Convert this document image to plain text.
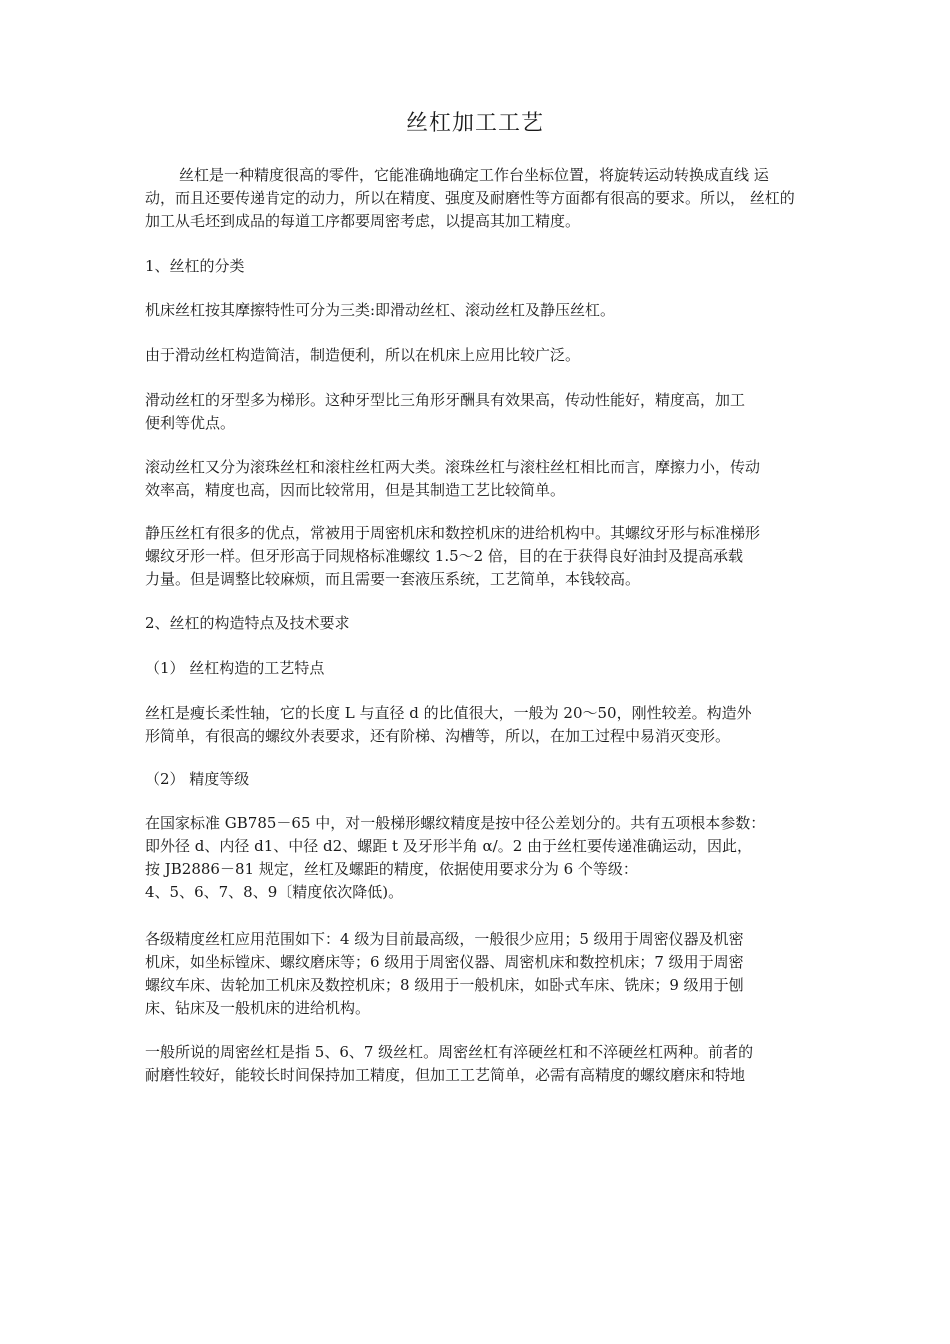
丝杠加工工艺
丝杠是一种精度很高的零件，它能准确地确定工作台坐标位置，将旋转运动转换成直线 运
动，而且还要传递肯定的动力，所以在精度、强度及耐磨性等方面都有很高的要求。所以， 丝杠的
加工从毛坯到成品的每道工序都要周密考虑，以提高其加工精度。
1、丝杠的分类
机床丝杠按其摩擦特性可分为三类:即滑动丝杠、滚动丝杠及静压丝杠。
由于滑动丝杠构造简洁，制造便利，所以在机床上应用比较广泛。
滑动丝杠的牙型多为梯形。这种牙型比三角形牙酬具有效果高，传动性能好，精度高，加工
便利等优点。
滚动丝杠又分为滚珠丝杠和滚柱丝杠两大类。滚珠丝杠与滚柱丝杠相比而言，摩擦力小，传动
效率高，精度也高，因而比较常用，但是其制造工艺比较简单。
静压丝杠有很多的优点，常被用于周密机床和数控机床的进给机构中。其螺纹牙形与标准梯形
螺纹牙形一样。但牙形高于同规格标准螺纹 1.5～2 倍，目的在于获得良好油封及提高承载
力量。但是调整比较麻烦，而且需要一套液压系统，工艺简单，本钱较高。
2、丝杠的构造特点及技术要求
（1） 丝杠构造的工艺特点
丝杠是瘦长柔性轴，它的长度 L 与直径 d 的比值很大，一般为 20～50，刚性较差。构造外
形简单，有很高的螺纹外表要求，还有阶梯、沟槽等，所以，在加工过程中易消灭变形。
（2） 精度等级
在国家标准 GB785－65 中，对一般梯形螺纹精度是按中径公差划分的。共有五项根本参数：
即外径 d、内径 d1、中径 d2、螺距 t 及牙形半角 α/。2 由于丝杠要传递准确运动，因此，
按 JB2886－81 规定，丝杠及螺距的精度，依据使用要求分为 6 个等级：
4、5、6、7、8、9〔精度依次降低)。
各级精度丝杠应用范围如下：4 级为目前最高级，一般很少应用；5 级用于周密仪器及机密
机床，如坐标镗床、螺纹磨床等；6 级用于周密仪器、周密机床和数控机床；7 级用于周密
螺纹车床、齿轮加工机床及数控机床；8 级用于一般机床，如卧式车床、铣床；9 级用于刨
床、钻床及一般机床的进给机构。
一般所说的周密丝杠是指 5、6、7 级丝杠。周密丝杠有淬硬丝杠和不淬硬丝杠两种。前者的
耐磨性较好，能较长时间保持加工精度，但加工工艺简单，必需有高精度的螺纹磨床和特地
